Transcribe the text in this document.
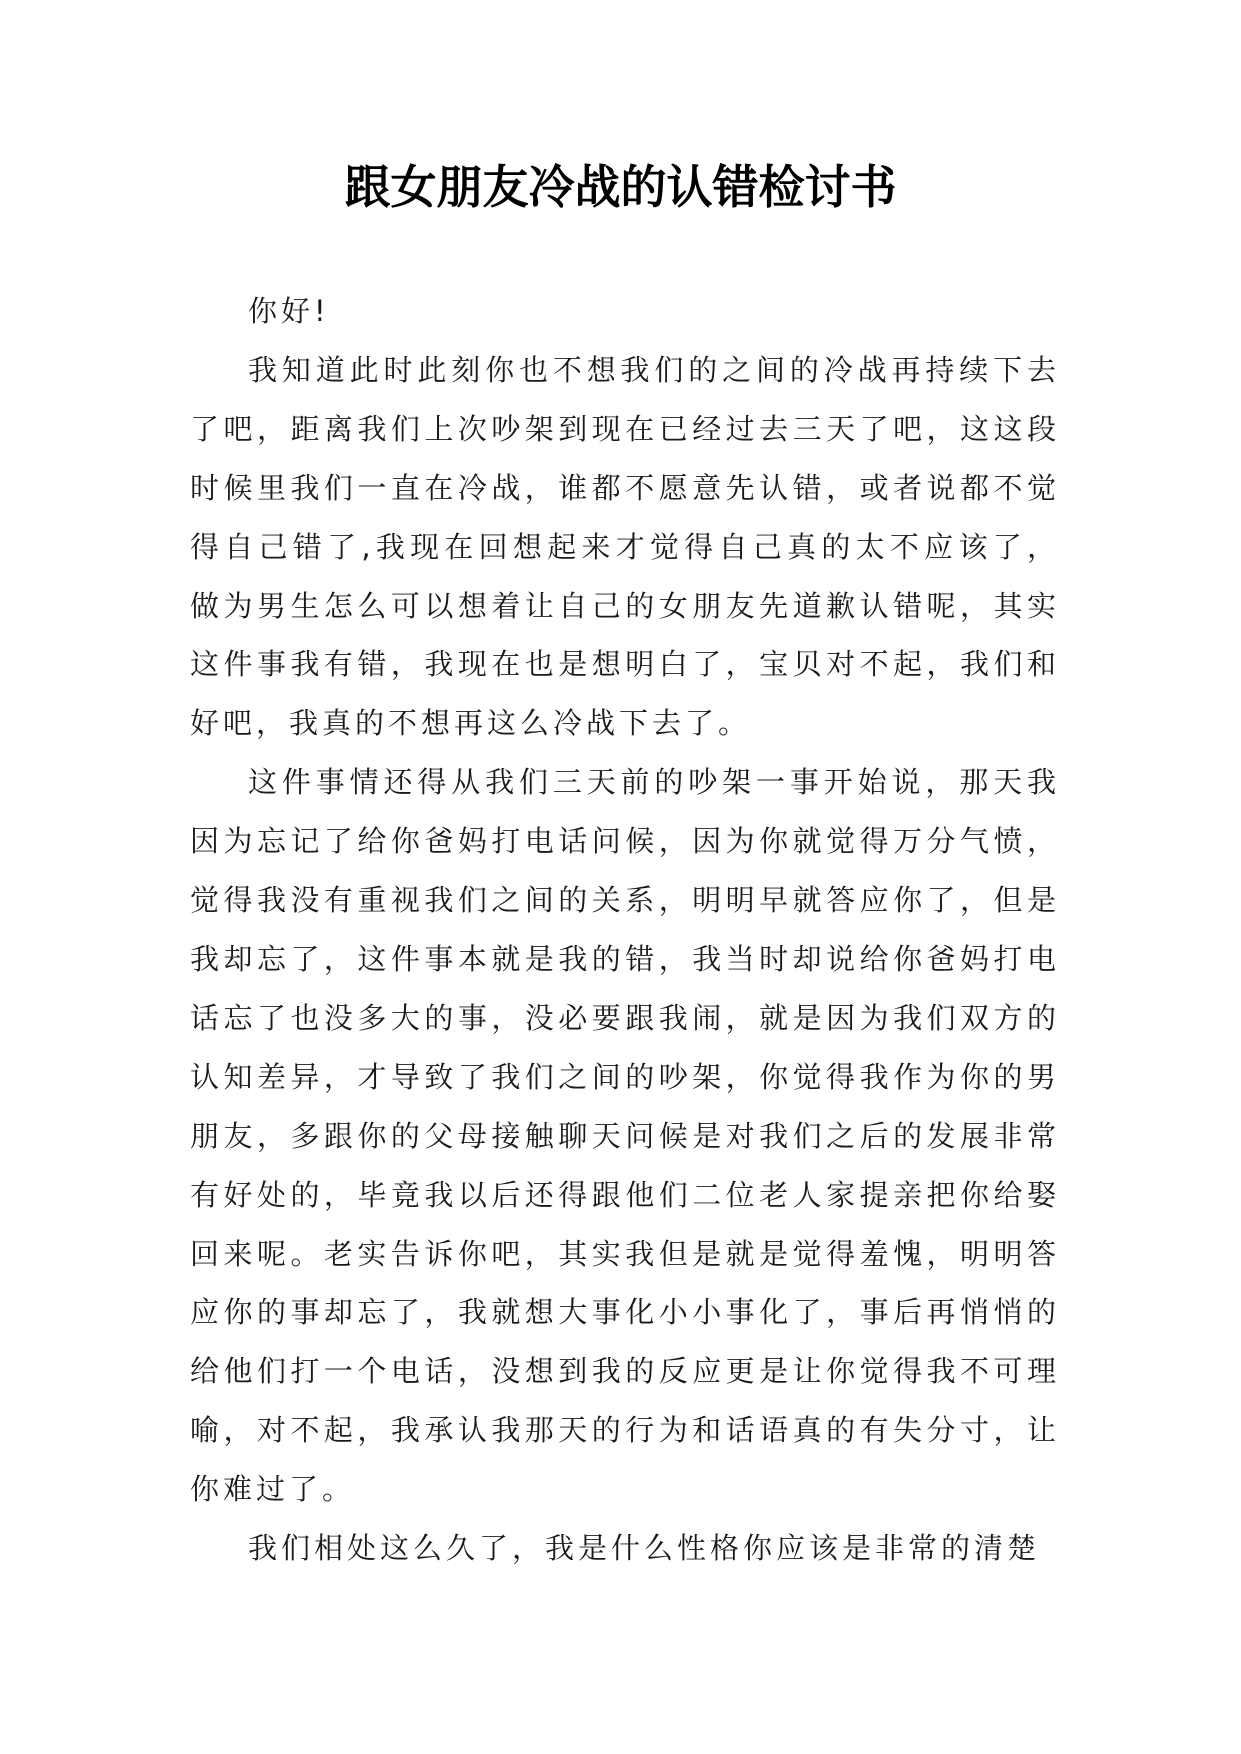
跟女朋友冷战的认错检讨书

你好!

我知道此时此刻你也不想我们的之间的冷战再持续下去了吧，距离我们上次吵架到现在已经过去三天了吧，这这段时候里我们一直在冷战，谁都不愿意先认错，或者说都不觉得自己错了,我现在回想起来才觉得自己真的太不应该了，做为男生怎么可以想着让自己的女朋友先道歉认错呢，其实这件事我有错，我现在也是想明白了，宝贝对不起，我们和好吧，我真的不想再这么冷战下去了。

这件事情还得从我们三天前的吵架一事开始说，那天我因为忘记了给你爸妈打电话问候，因为你就觉得万分气愤，觉得我没有重视我们之间的关系，明明早就答应你了，但是我却忘了，这件事本就是我的错，我当时却说给你爸妈打电话忘了也没多大的事，没必要跟我闹，就是因为我们双方的认知差异，才导致了我们之间的吵架，你觉得我作为你的男朋友，多跟你的父母接触聊天问候是对我们之后的发展非常有好处的，毕竟我以后还得跟他们二位老人家提亲把你给娶回来呢。老实告诉你吧，其实我但是就是觉得羞愧，明明答应你的事却忘了，我就想大事化小小事化了，事后再悄悄的给他们打一个电话，没想到我的反应更是让你觉得我不可理喻，对不起，我承认我那天的行为和话语真的有失分寸，让你难过了。

我们相处这么久了，我是什么性格你应该是非常的清楚
